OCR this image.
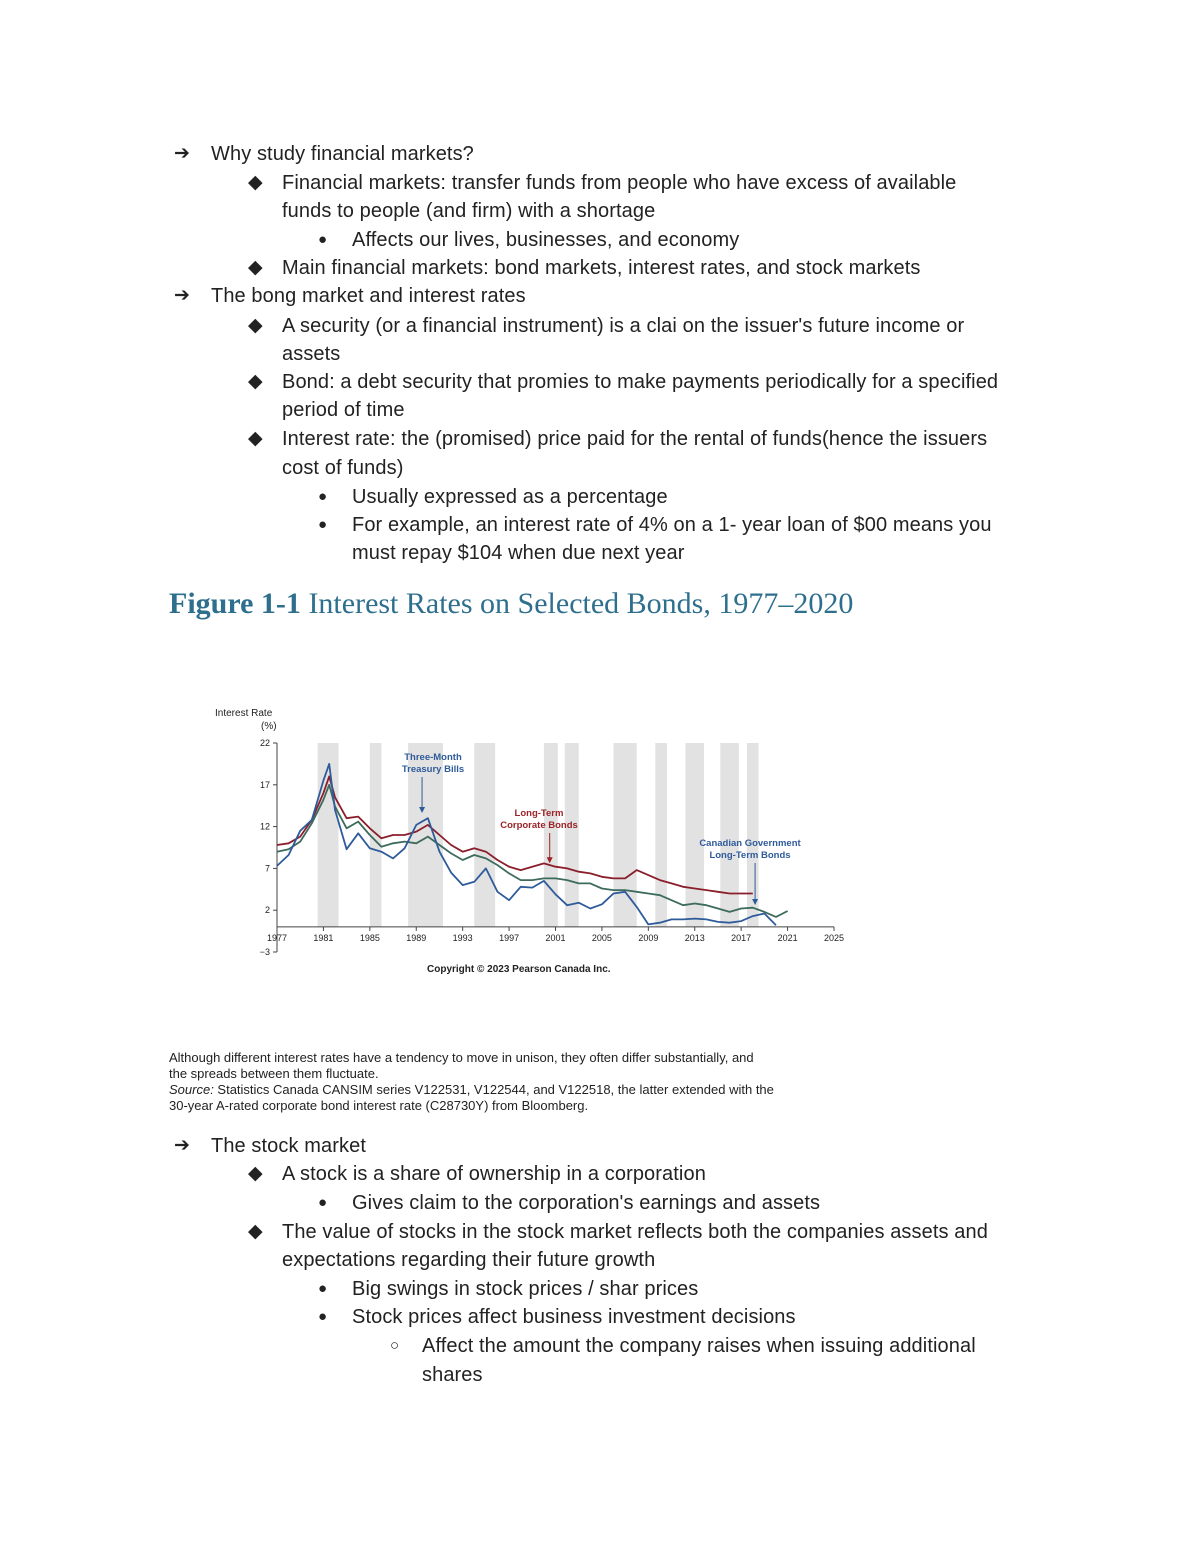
➔ Why study financial markets?
◆ Financial markets: transfer funds from people who have excess of available
funds to people (and firm) with a shortage
● Affects our lives, businesses, and economy
◆ Main financial markets: bond markets, interest rates, and stock markets
➔ The bong market and interest rates
◆ A security (or a financial instrument) is a clai on the issuer's future income or
assets
◆ Bond: a debt security that promies to make payments periodically for a specified
period of time
◆ Interest rate: the (promised) price paid for the rental of funds(hence the issuers
cost of funds)
● Usually expressed as a percentage
● For example, an interest rate of 4% on a 1- year loan of $00 means you
must repay $104 when due next year
Figure 1-1 Interest Rates on Selected Bonds, 1977–2020
22
17
12
7
2
−3
1977	1981	1985	1989	1993	1997	2001	2005	2009	2013	2017	2021	2025
Three-Month
Treasury Bills
Long-Term
Corporate Bonds
Canadian Government
Long-Term Bonds
Interest Rate
(%)
Copyright © 2023 Pearson Canada Inc.
Although different interest rates have a tendency to move in unison, they often differ substantially, and
the spreads between them fluctuate.
Source: Statistics Canada CANSIM series V122531, V122544, and V122518, the latter extended with the
30-year A-rated corporate bond interest rate (C28730Y) from Bloomberg.
➔ The stock market
◆ A stock is a share of ownership in a corporation
● Gives claim to the corporation's earnings and assets
◆ The value of stocks in the stock market reflects both the companies assets and
expectations regarding their future growth
● Big swings in stock prices / shar prices
● Stock prices affect business investment decisions
○ Affect the amount the company raises when issuing additional
shares
